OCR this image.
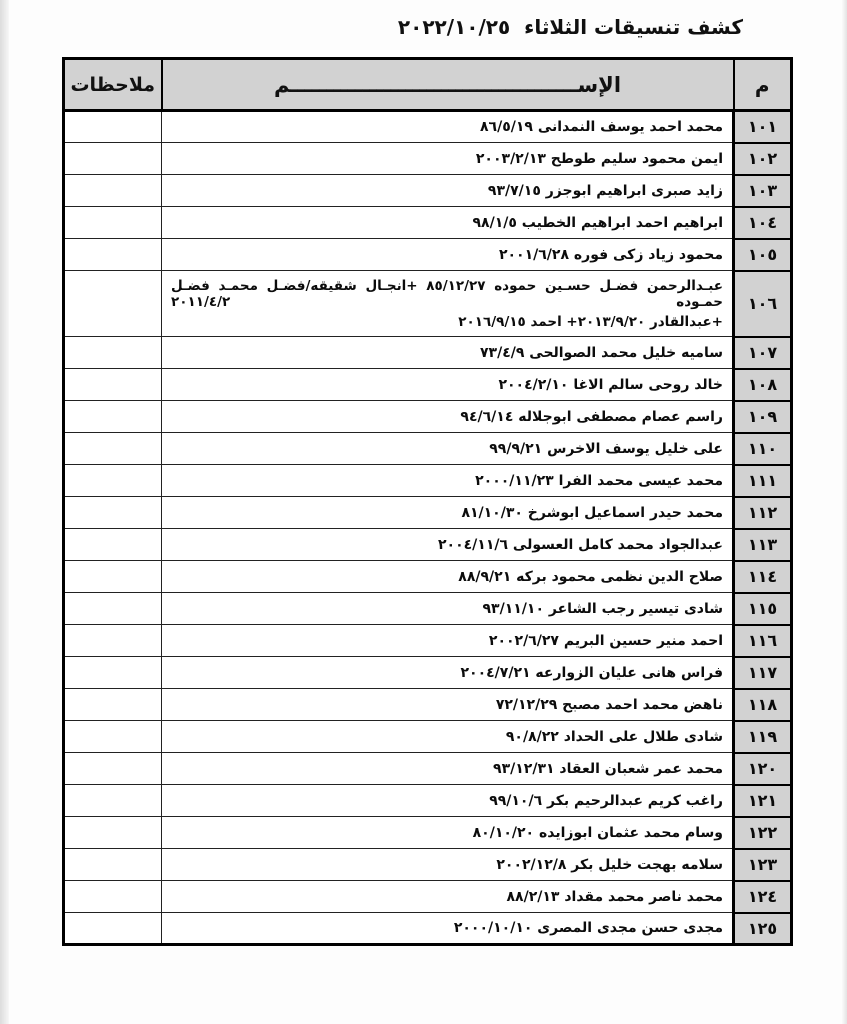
كشف تنسيقات الثلاثاء  ٢٠٢٢/١٠/٢٥
م	الإســــــــــــــــــــــــــــــــــــــــم	ملاحظات
١٠١	محمد احمد يوسف النمدانى ٨٦/٥/١٩	

١٠٢	ايمن محمود سليم طوطح ٢٠٠٣/٢/١٣	

١٠٣	زايد صبرى ابراهيم ابوجزر ٩٣/٧/١٥	

١٠٤	ابراهيم احمد ابراهيم الخطيب ٩٨/١/٥	

١٠٥	محمود زياد زكى فوره ٢٠٠١/٦/٢٨	

١٠٦	عبـدالرحمن فضـل حسـين حموده ٨٥/١٢/٢٧ +انجـال شقيقه/فضـل محمـد فضـل حمـوده ٢٠١١/٤/٢
+عبدالقادر ٢٠١٣/٩/٢٠+ احمد ٢٠١٦/٩/١٥	

١٠٧	ساميه خليل محمد الصوالحى ٧٣/٤/٩	

١٠٨	خالد روحى سالم الاغا ٢٠٠٤/٢/١٠	

١٠٩	راسم عصام مصطفى ابوجلاله ٩٤/٦/١٤	

١١٠	على خليل يوسف الاخرس ٩٩/٩/٢١	

١١١	محمد عيسى محمد الفرا ٢٠٠٠/١١/٢٣	

١١٢	محمد حيدر اسماعيل ابوشرخ ٨١/١٠/٣٠	

١١٣	عبدالجواد محمد كامل العسولى ٢٠٠٤/١١/٦	

١١٤	صلاح الدين نظمى محمود بركه ٨٨/٩/٢١	

١١٥	شادى تيسير رجب الشاعر ٩٣/١١/١٠	

١١٦	احمد منير حسين البريم ٢٠٠٢/٦/٢٧	

١١٧	فراس هانى عليان الزوارعه ٢٠٠٤/٧/٢١	

١١٨	ناهض محمد احمد مصبح ٧٢/١٢/٢٩	

١١٩	شادى طلال على الحداد ٩٠/٨/٢٢	

١٢٠	محمد عمر شعبان العقاد ٩٣/١٢/٣١	

١٢١	راغب كريم عبدالرحيم بكر ٩٩/١٠/٦	

١٢٢	وسام محمد عثمان ابوزايده ٨٠/١٠/٢٠	

١٢٣	سلامه بهجت خليل بكر ٢٠٠٢/١٢/٨	

١٢٤	محمد ناصر محمد مقداد ٨٨/٢/١٣	

١٢٥	مجدى حسن مجدى المصرى ٢٠٠٠/١٠/١٠	
